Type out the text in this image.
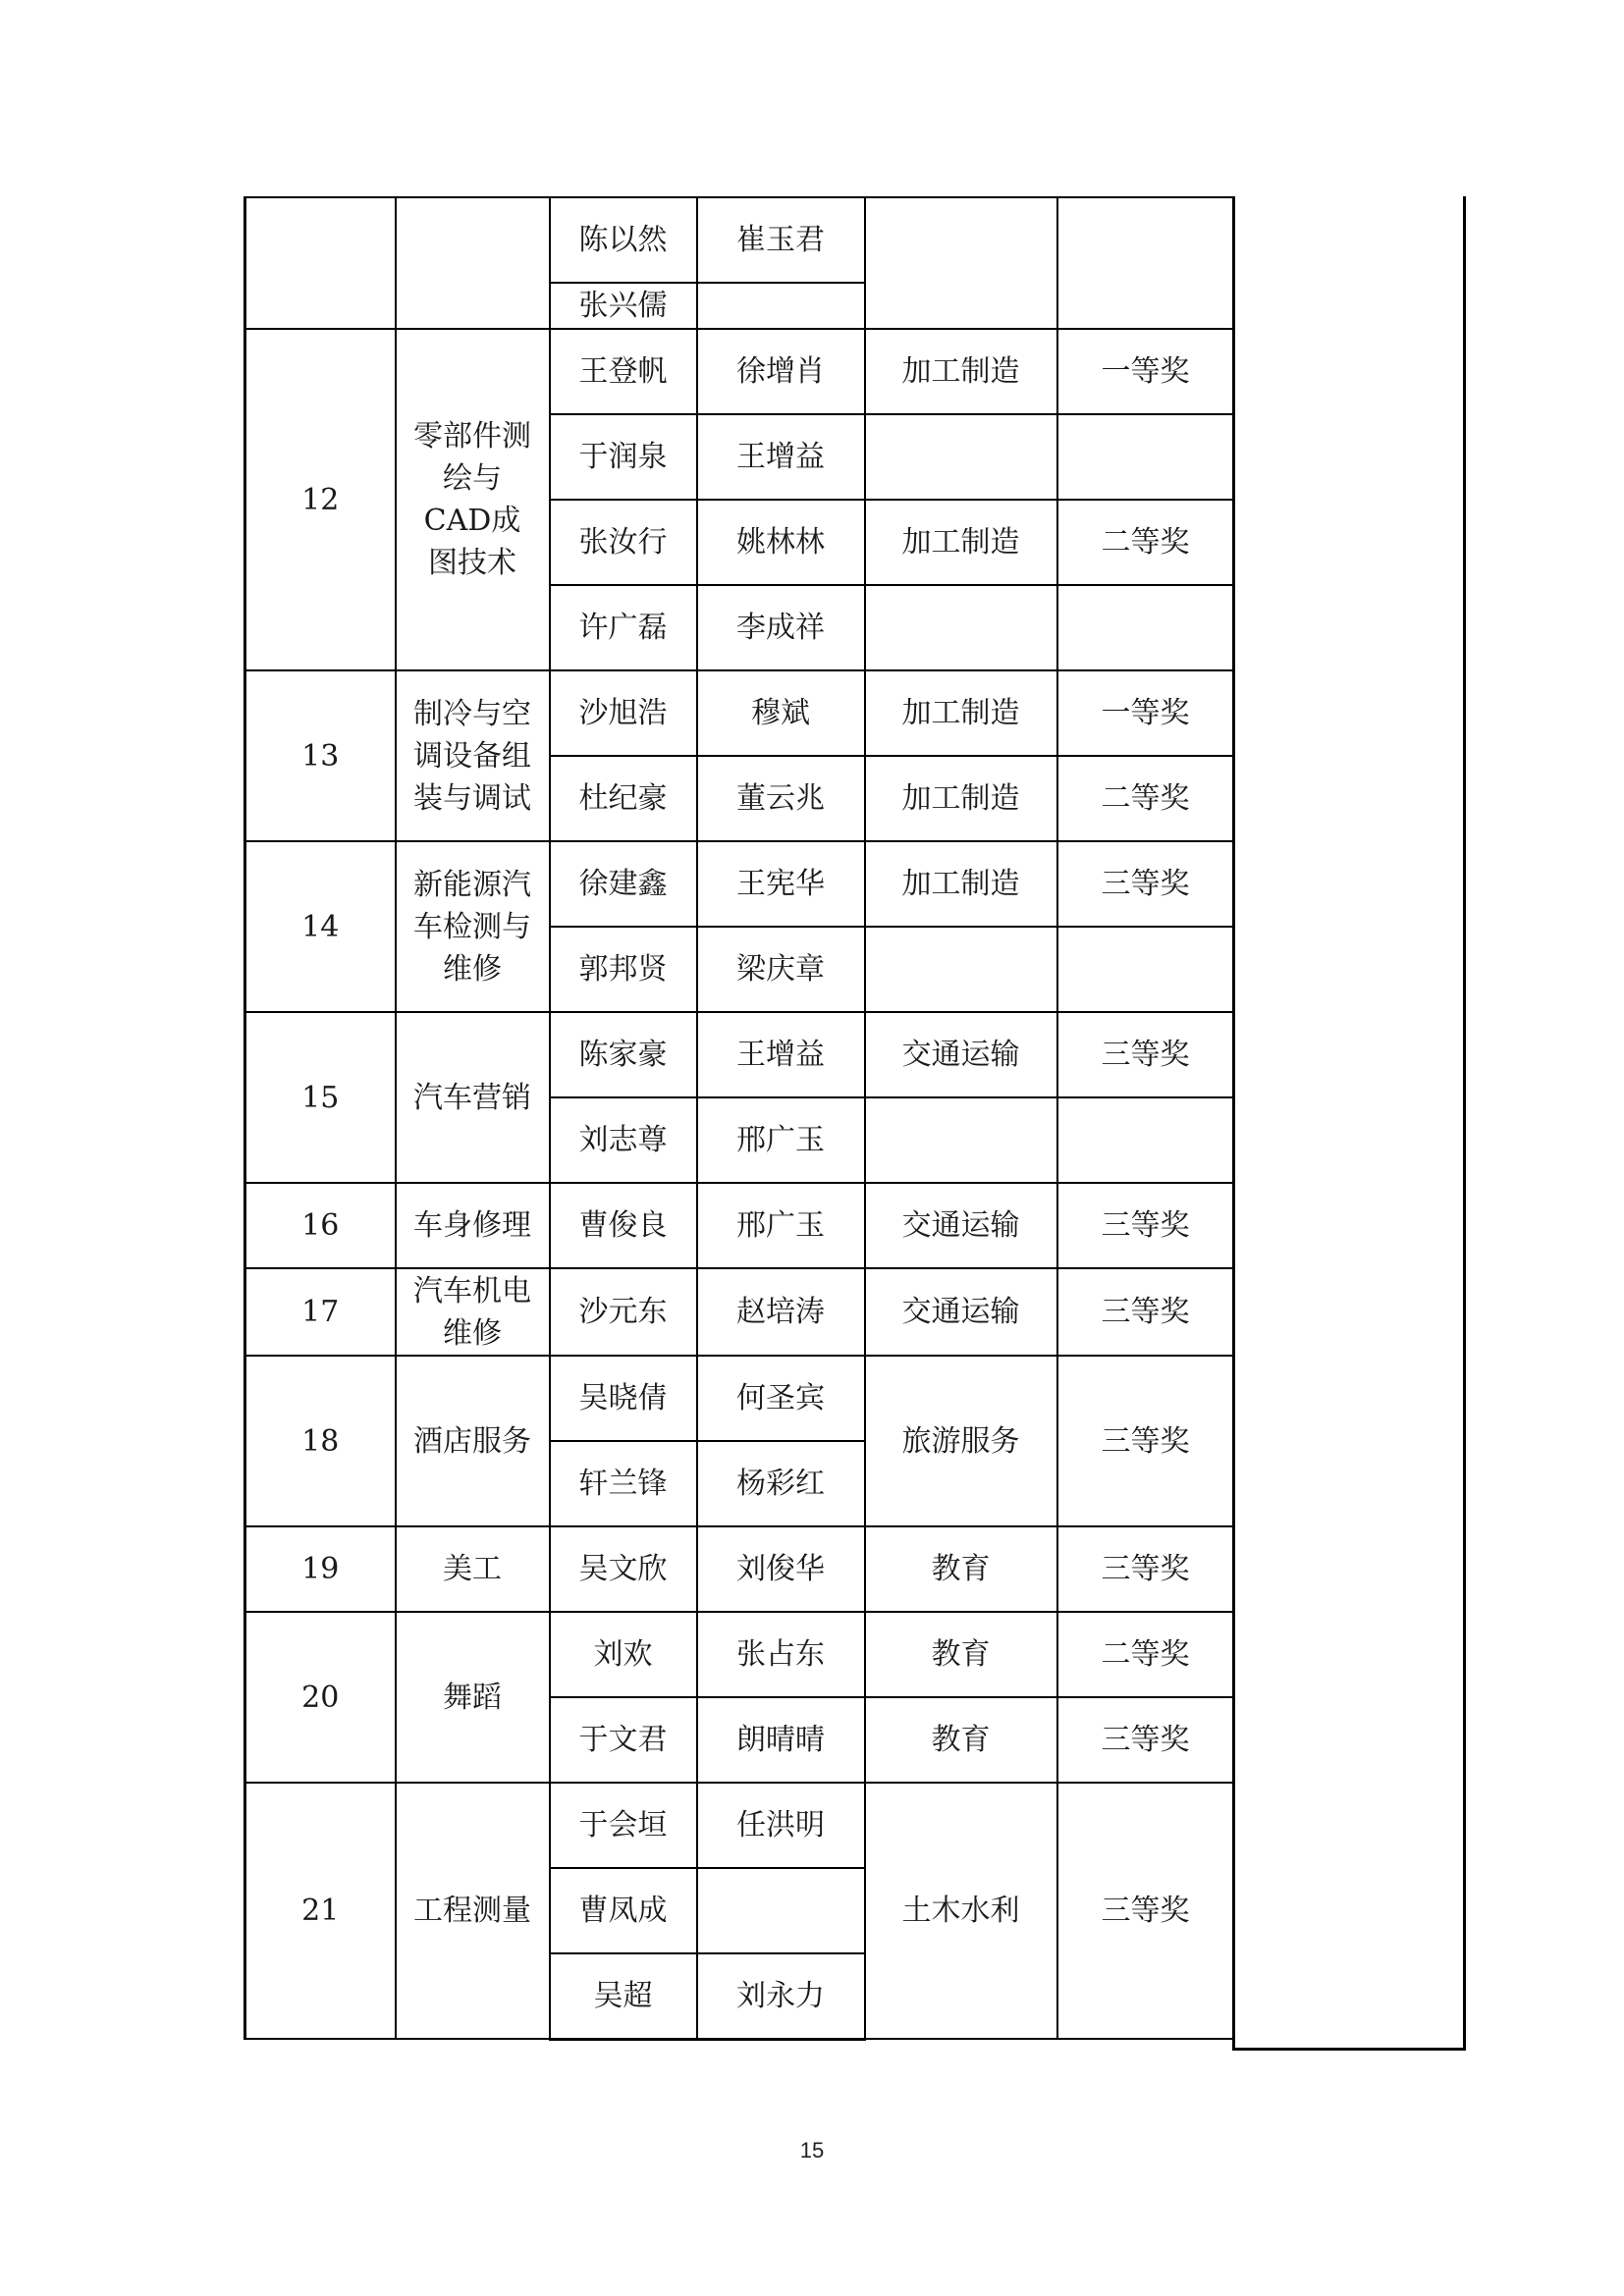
		陈以然	崔玉君		
		张兴儒			
12	零部件测绘与CAD成图技术	王登帆	徐增肖	加工制造	一等奖
		于润泉	王增益		
		张汝行	姚林林	加工制造	二等奖
		许广磊	李成祥		
13	制冷与空调设备组装与调试	沙旭浩	穆斌	加工制造	一等奖
		杜纪豪	董云兆	加工制造	二等奖
14	新能源汽车检测与维修	徐建鑫	王宪华	加工制造	三等奖
		郭邦贤	梁庆章		
15	汽车营销	陈家豪	王增益	交通运输	三等奖
		刘志尊	邢广玉		
16	车身修理	曹俊良	邢广玉	交通运输	三等奖
17	汽车机电维修	沙元东	赵培涛	交通运输	三等奖
18	酒店服务	吴晓倩	何圣宾	旅游服务	三等奖
		轩兰锋	杨彩红		
19	美工	吴文欣	刘俊华	教育	三等奖
20	舞蹈	刘欢	张占东	教育	二等奖
		于文君	朗晴晴	教育	三等奖
21	工程测量	于会垣	任洪明	土木水利	三等奖
		曹凤成			
		吴超	刘永力		
15
